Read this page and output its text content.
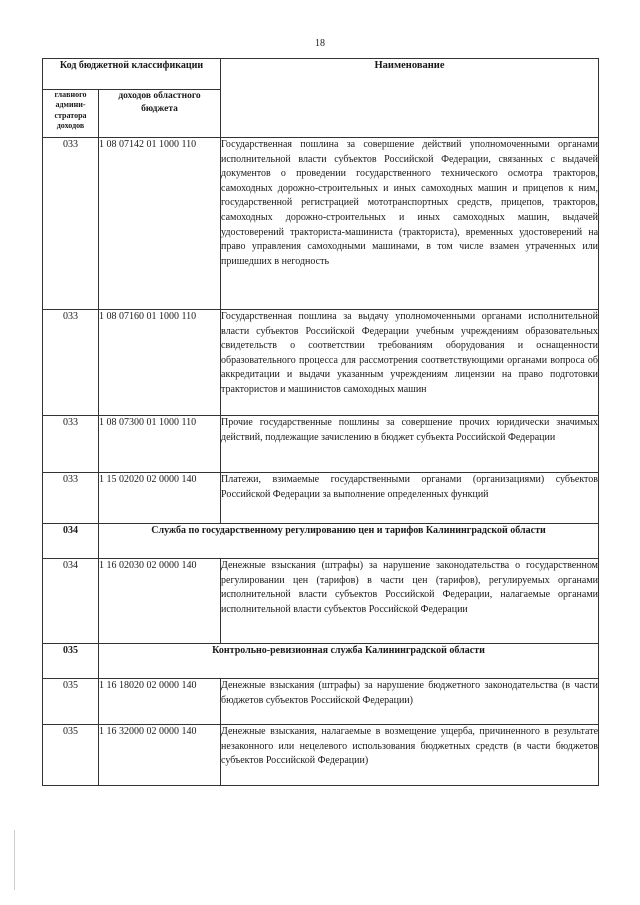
18
Код бюджетной классификации		Наименование
главного админи-стратора доходов	доходов областного бюджета	
033	1 08 07142 01 1000 110	Государственная пошлина за совершение действий уполномоченными органами исполнительной власти субъектов Российской Федерации, связанных с выдачей документов о проведении государственного технического осмотра тракторов, самоходных дорожно-строительных и иных самоходных машин и прицепов к ним, государственной регистрацией мототранспортных средств, прицепов, тракторов, самоходных дорожно-строительных и иных самоходных машин, выдачей удостоверений тракториста-машиниста (тракториста), временных удостоверений на право управления самоходными машинами, в том числе взамен утраченных или пришедших в негодность
033	1 08 07160 01 1000 110	Государственная пошлина за выдачу уполномоченными органами исполнительной власти субъектов Российской Федерации учебным учреждениям образовательных свидетельств о соответствии требованиям оборудования и оснащенности образовательного процесса для рассмотрения соответствующими органами вопроса об аккредитации и выдачи указанным учреждениям лицензии на право подготовки трактористов и машинистов самоходных машин
033	1 08 07300 01 1000 110	Прочие государственные пошлины за совершение прочих юридически значимых действий, подлежащие зачислению в бюджет субъекта Российской Федерации
033	1 15 02020 02 0000 140	Платежи, взимаемые государственными органами (организациями) субъектов Российской Федерации за выполнение определенных функций
034	Служба по государственному регулированию цен и тарифов Калининградской области	
034	1 16 02030 02 0000 140	Денежные взыскания (штрафы) за нарушение законодательства о государственном регулировании цен (тарифов) в части цен (тарифов), регулируемых органами исполнительной власти субъектов Российской Федерации, налагаемые органами исполнительной власти субъектов Российской Федерации
035	Контрольно-ревизионная служба Калининградской области	
035	1 16 18020 02 0000 140	Денежные взыскания (штрафы) за нарушение бюджетного законодательства (в части бюджетов субъектов Российской Федерации)
035	1 16 32000 02 0000 140	Денежные взыскания, налагаемые в возмещение ущерба, причиненного в результате незаконного или нецелевого использования бюджетных средств (в части бюджетов субъектов Российской Федерации)
